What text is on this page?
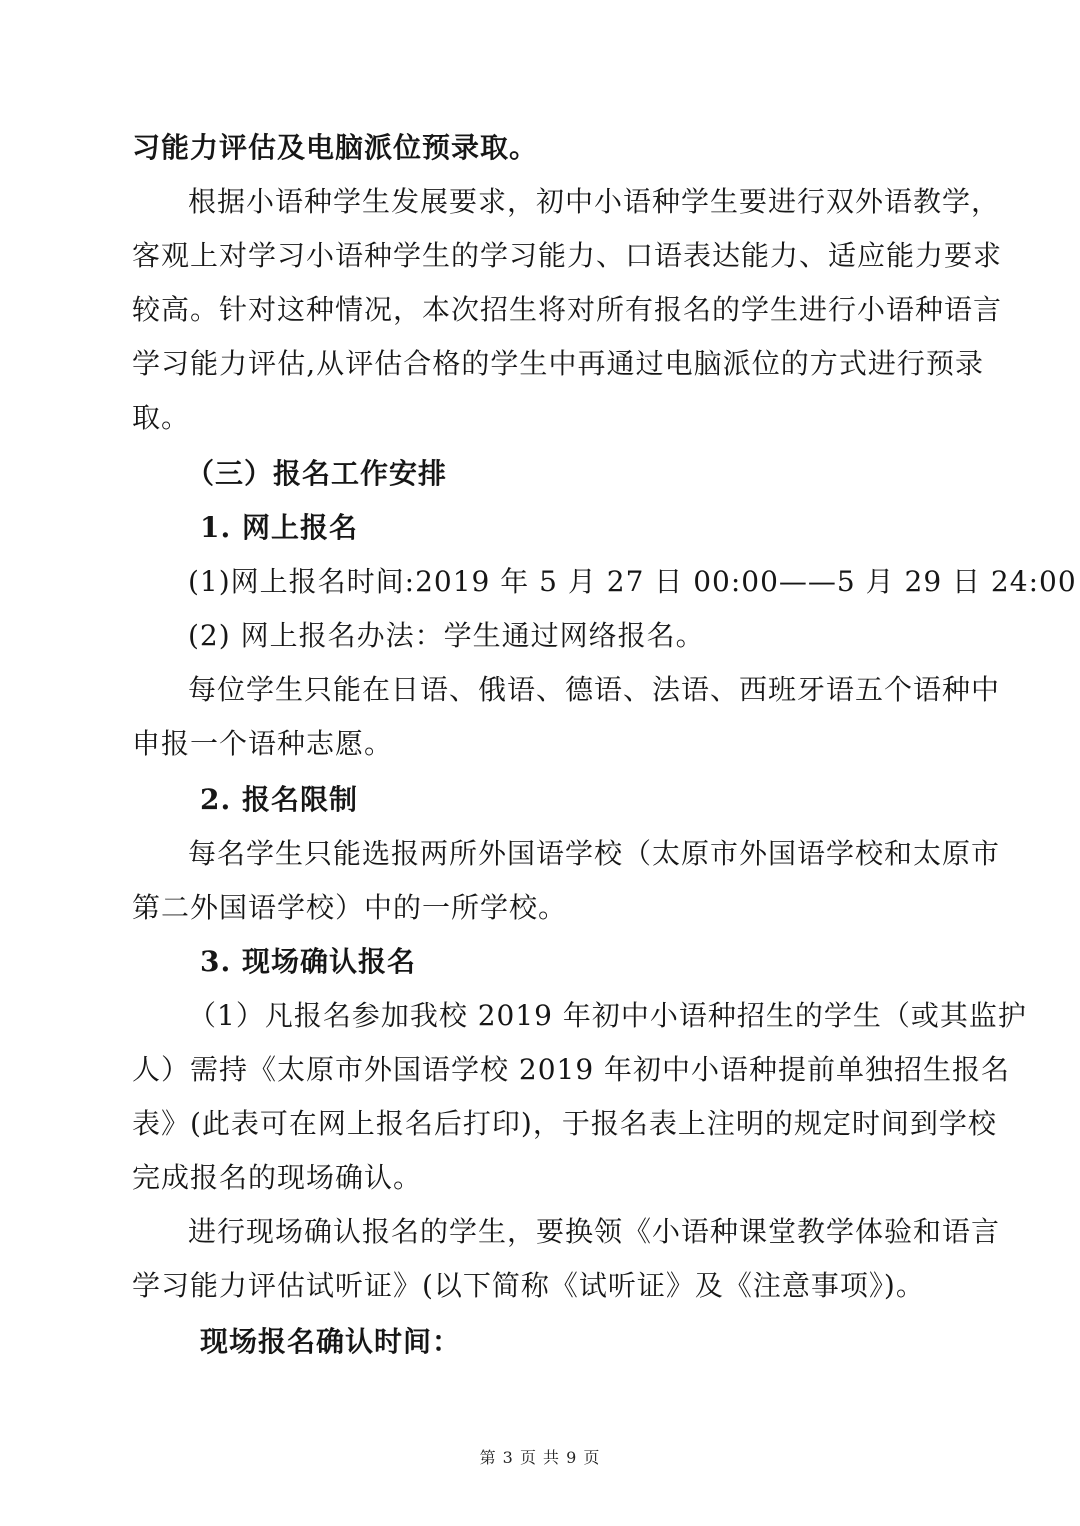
习能力评估及电脑派位预录取。
根据小语种学生发展要求，初中小语种学生要进行双外语教学，
客观上对学习小语种学生的学习能力、口语表达能力、适应能力要求
较高。针对这种情况，本次招生将对所有报名的学生进行小语种语言
学习能力评估,从评估合格的学生中再通过电脑派位的方式进行预录
取。
（三）报名工作安排
1. 网上报名
(1)网上报名时间:2019 年 5 月 27 日 00:00——5 月 29 日 24:00
(2) 网上报名办法：学生通过网络报名。
每位学生只能在日语、俄语、德语、法语、西班牙语五个语种中
申报一个语种志愿。
2. 报名限制
每名学生只能选报两所外国语学校（太原市外国语学校和太原市
第二外国语学校）中的一所学校。
3. 现场确认报名
（1）凡报名参加我校 2019 年初中小语种招生的学生（或其监护
人）需持《太原市外国语学校 2019 年初中小语种提前单独招生报名
表》(此表可在网上报名后打印)，于报名表上注明的规定时间到学校
完成报名的现场确认。
进行现场确认报名的学生，要换领《小语种课堂教学体验和语言
学习能力评估试听证》(以下简称《试听证》及《注意事项》)。
现场报名确认时间：
第 3 页 共 9 页
